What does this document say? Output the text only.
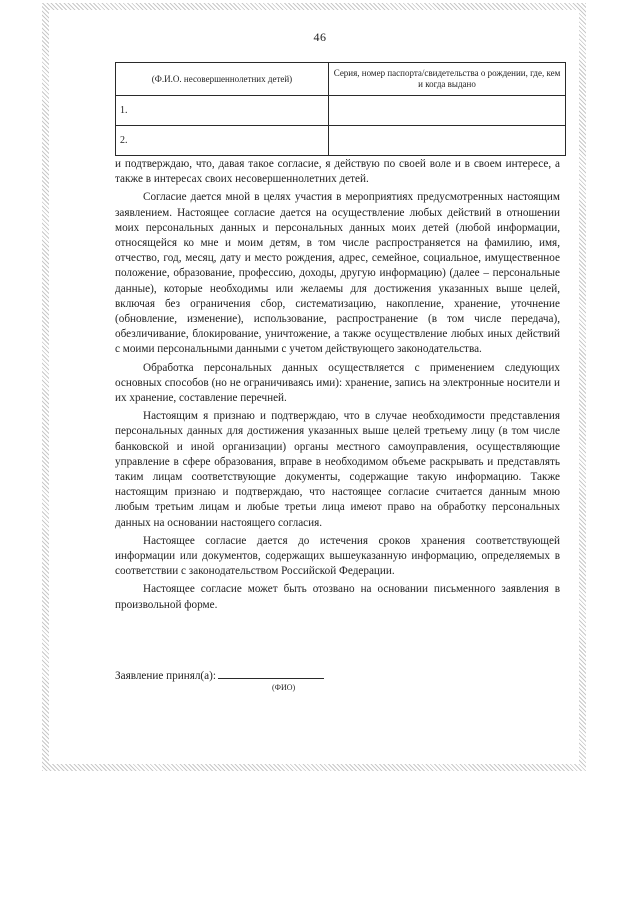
46
(Ф.И.О. несовершеннолетних детей)	Серия, номер паспорта/свидетельства о рождении, где, кем и когда выдано
1.	
2.	

и подтверждаю, что, давая такое согласие, я действую по своей воле и в своем интересе, а также в интересах своих несовершеннолетних детей.

Согласие дается мной в целях участия в мероприятиях предусмотренных настоящим заявлением. Настоящее согласие дается на осуществление любых действий в отношении моих персональных данных и персональных данных моих детей (любой информации, относящейся ко мне и моим детям, в том числе распространяется на фамилию, имя, отчество, год, месяц, дату и место рождения, адрес, семейное, социальное, имущественное положение, образование, профессию, доходы, другую информацию) (далее – персональные данные), которые необходимы или желаемы для достижения указанных выше целей, включая без ограничения сбор, систематизацию, накопление, хранение, уточнение (обновление, изменение), использование, распространение (в том числе передача), обезличивание, блокирование, уничтожение, а также осуществление любых иных действий с моими персональными данными с учетом действующего законодательства.

Обработка персональных данных осуществляется с применением следующих основных способов (но не ограничиваясь ими): хранение, запись на электронные носители и их хранение, составление перечней.

Настоящим я признаю и подтверждаю, что в случае необходимости представления персональных данных для достижения указанных выше целей третьему лицу (в том числе банковской и иной организации) органы местного самоуправления, осуществляющие управление в сфере образования, вправе в необходимом объеме раскрывать и представлять таким лицам соответствующие документы, содержащие такую информацию. Также настоящим признаю и подтверждаю, что настоящее согласие считается данным мною любым третьим лицам и любые третьи лица имеют право на обработку персональных данных на основании настоящего согласия.

Настоящее согласие дается до истечения сроков хранения соответствующей информации или документов, содержащих вышеуказанную информацию, определяемых в соответствии с законодательством Российской Федерации.

Настоящее согласие может быть отозвано на основании письменного заявления в произвольной форме.

Заявление принял(а):
(ФИО)
